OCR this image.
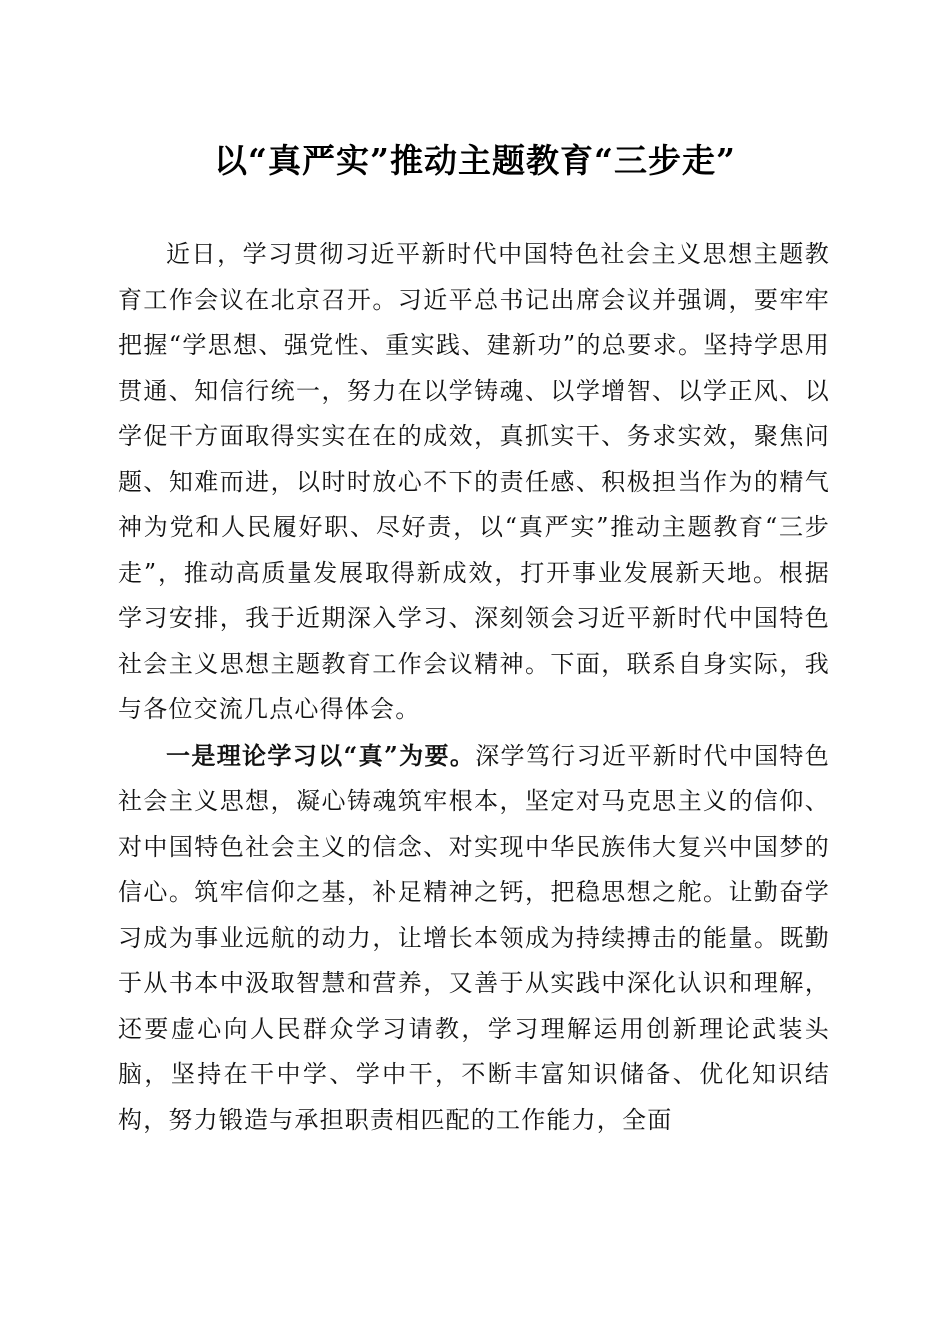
以“真严实”推动主题教育“三步走”

近日，学习贯彻习近平新时代中国特色社会主义思想主题教育工作会议在北京召开。习近平总书记出席会议并强调，要牢牢把握“学思想、强党性、重实践、建新功”的总要求。坚持学思用贯通、知信行统一，努力在以学铸魂、以学增智、以学正风、以学促干方面取得实实在在的成效，真抓实干、务求实效，聚焦问题、知难而进，以时时放心不下的责任感、积极担当作为的精气神为党和人民履好职、尽好责，以“真严实”推动主题教育“三步走”，推动高质量发展取得新成效，打开事业发展新天地。根据学习安排，我于近期深入学习、深刻领会习近平新时代中国特色社会主义思想主题教育工作会议精神。下面，联系自身实际，我与各位交流几点心得体会。

一是理论学习以“真”为要。深学笃行习近平新时代中国特色社会主义思想，凝心铸魂筑牢根本，坚定对马克思主义的信仰、对中国特色社会主义的信念、对实现中华民族伟大复兴中国梦的信心。筑牢信仰之基，补足精神之钙，把稳思想之舵。让勤奋学习成为事业远航的动力，让增长本领成为持续搏击的能量。既勤于从书本中汲取智慧和营养，又善于从实践中深化认识和理解，还要虚心向人民群众学习请教，学习理解运用创新理论武装头脑，坚持在干中学、学中干，不断丰富知识储备、优化知识结构，努力锻造与承担职责相匹配的工作能力，全面
